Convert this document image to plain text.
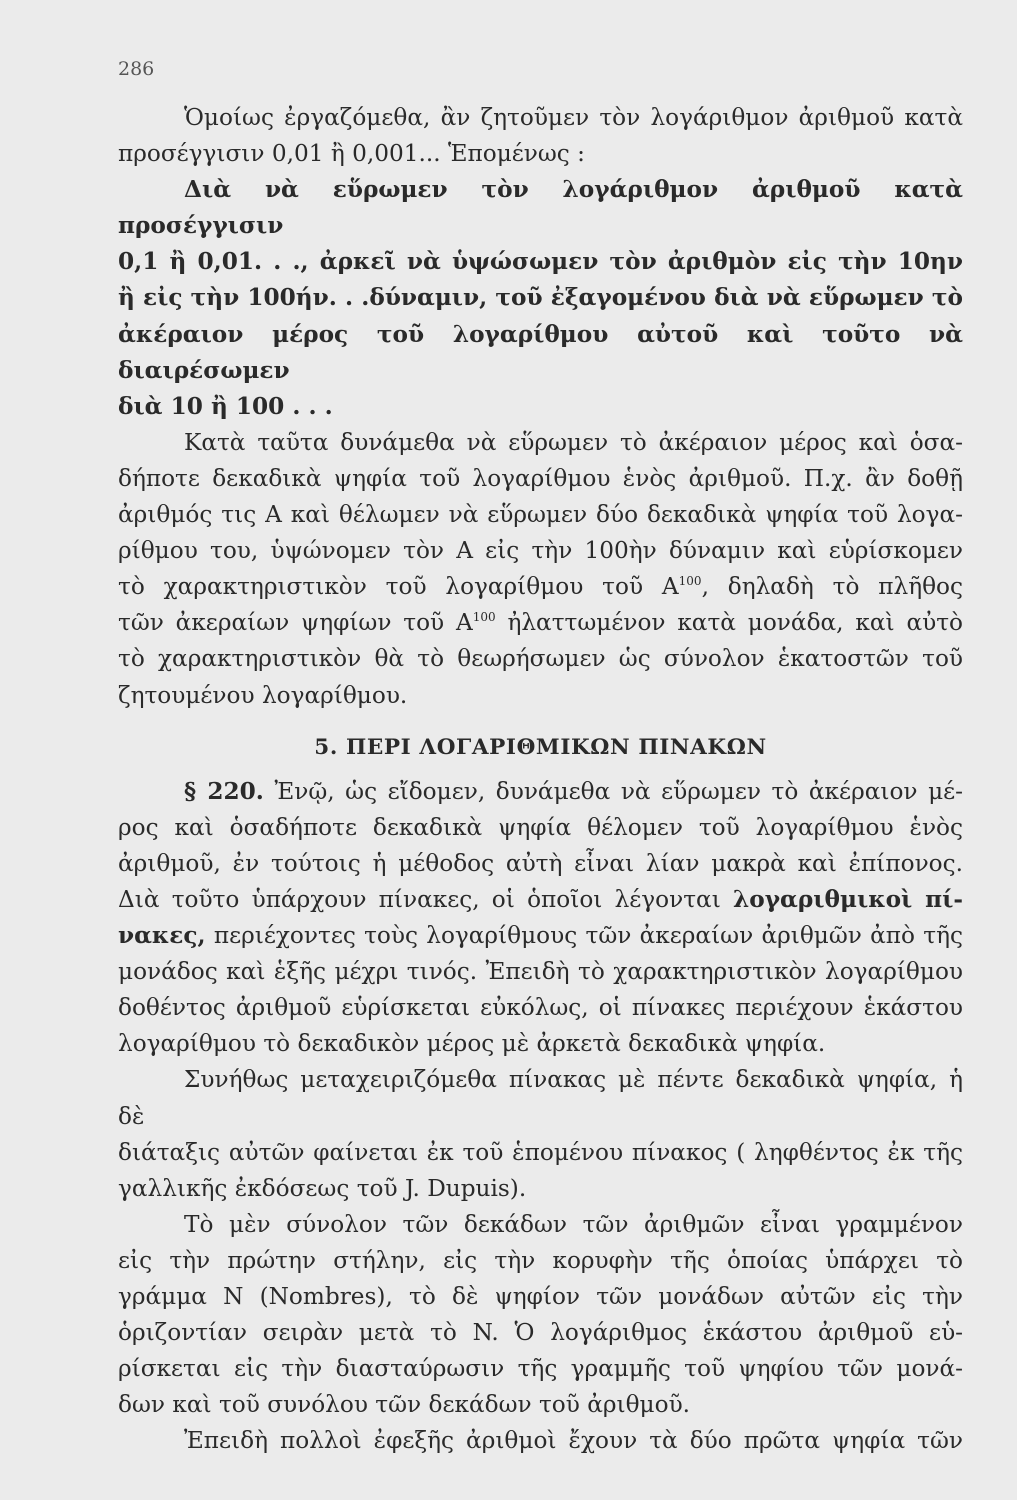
286

Ὁμοίως ἐργαζόμεθα, ἂν ζητοῦμεν τὸν λογάριθμον ἀριθμοῦ κατὰ

προσέγγισιν 0,01 ἢ 0,001... Ἑπομένως :

Διὰ νὰ εὕρωμεν τὸν λογάριθμον ἀριθμοῦ κατὰ προσέγγισιν

0,1 ἢ 0,01. . ., ἀρκεῖ νὰ ὑψώσωμεν τὸν ἀριθμὸν εἰς τὴν 10ην

ἢ εἰς τὴν 100ήν. . .δύναμιν, τοῦ ἐξαγομένου διὰ νὰ εὕρωμεν τὸ

ἀκέραιον μέρος τοῦ λογαρίθμου αὐτοῦ καὶ τοῦτο νὰ διαιρέσωμεν

διὰ 10 ἢ 100 . . .

Κατὰ ταῦτα δυνάμεθα νὰ εὕρωμεν τὸ ἀκέραιον μέρος καὶ ὁσα-

δήποτε δεκαδικὰ ψηφία τοῦ λογαρίθμου ἑνὸς ἀριθμοῦ. Π.χ. ἂν δοθῇ

ἀριθμός τις Α καὶ θέλωμεν νὰ εὕρωμεν δύο δεκαδικὰ ψηφία τοῦ λογα-

ρίθμου του, ὑψώνομεν τὸν Α εἰς τὴν 100ὴν δύναμιν καὶ εὑρίσκομεν

τὸ χαρακτηριστικὸν τοῦ λογαρίθμου τοῦ $A^{100}$, δηλαδὴ τὸ πλῆθος

τῶν ἀκεραίων ψηφίων τοῦ $A^{100}$ ἠλαττωμένον κατὰ μονάδα, καὶ αὐτὸ

τὸ χαρακτηριστικὸν θὰ τὸ θεωρήσωμεν ὡς σύνολον ἑκατοστῶν τοῦ

ζητουμένου λογαρίθμου.

5. ΠΕΡΙ ΛΟΓΑΡΙΘΜΙΚΩΝ ΠΙΝΑΚΩΝ

§ 220. Ἐνῷ, ὡς εἴδομεν, δυνάμεθα νὰ εὕρωμεν τὸ ἀκέραιον μέ-

ρος καὶ ὁσαδήποτε δεκαδικὰ ψηφία θέλομεν τοῦ λογαρίθμου ἑνὸς

ἀριθμοῦ, ἐν τούτοις ἡ μέθοδος αὐτὴ εἶναι λίαν μακρὰ καὶ ἐπίπονος.

Διὰ τοῦτο ὑπάρχουν πίνακες, οἱ ὁποῖοι λέγονται λογαριθμικοὶ πί-

νακες, περιέχοντες τοὺς λογαρίθμους τῶν ἀκεραίων ἀριθμῶν ἀπὸ τῆς

μονάδος καὶ ἑξῆς μέχρι τινός. Ἐπειδὴ τὸ χαρακτηριστικὸν λογαρίθμου

δοθέντος ἀριθμοῦ εὑρίσκεται εὐκόλως, οἱ πίνακες περιέχουν ἑκάστου

λογαρίθμου τὸ δεκαδικὸν μέρος μὲ ἀρκετὰ δεκαδικὰ ψηφία.

Συνήθως μεταχειριζόμεθα πίνακας μὲ πέντε δεκαδικὰ ψηφία, ἡ δὲ

διάταξις αὐτῶν φαίνεται ἐκ τοῦ ἑπομένου πίνακος ( ληφθέντος ἐκ τῆς

γαλλικῆς ἐκδόσεως τοῦ J. Dupuis).

Τὸ μὲν σύνολον τῶν δεκάδων τῶν ἀριθμῶν εἶναι γραμμένον

εἰς τὴν πρώτην στήλην, εἰς τὴν κορυφὴν τῆς ὁποίας ὑπάρχει τὸ

γράμμα N (Nombres), τὸ δὲ ψηφίον τῶν μονάδων αὐτῶν εἰς τὴν

ὁριζοντίαν σειρὰν μετὰ τὸ N. Ὁ λογάριθμος ἑκάστου ἀριθμοῦ εὑ-

ρίσκεται εἰς τὴν διασταύρωσιν τῆς γραμμῆς τοῦ ψηφίου τῶν μονά-

δων καὶ τοῦ συνόλου τῶν δεκάδων τοῦ ἀριθμοῦ.

Ἐπειδὴ πολλοὶ ἐφεξῆς ἀριθμοὶ ἔχουν τὰ δύο πρῶτα ψηφία τῶν
